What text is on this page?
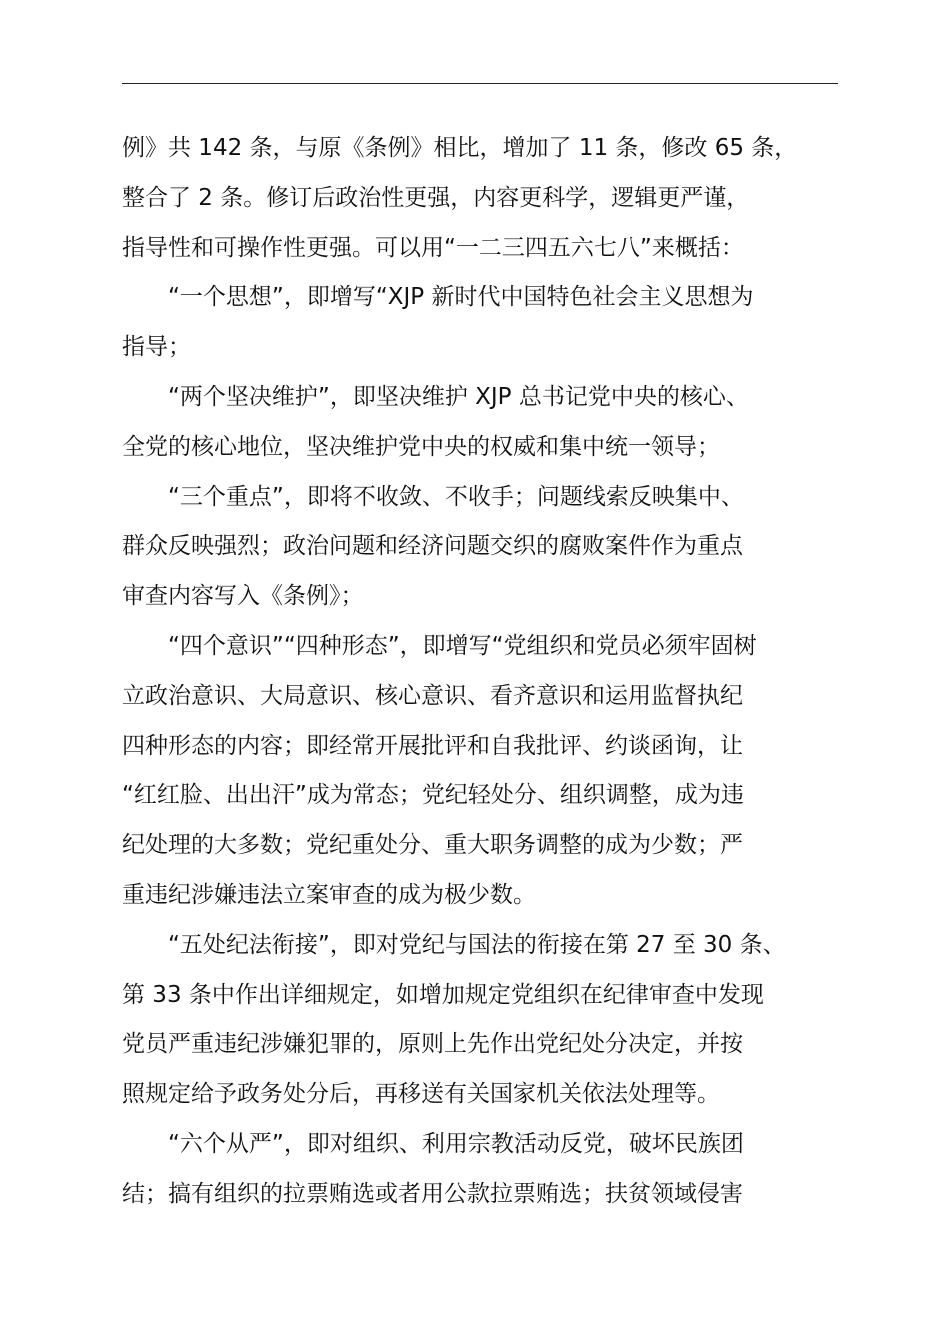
例》共 142 条，与原《条例》相比，增加了 11 条，修改 65 条，
整合了 2 条。修订后政治性更强，内容更科学，逻辑更严谨，
指导性和可操作性更强。可以用“一二三四五六七八”来概括：
“一个思想”，即增写“XJP 新时代中国特色社会主义思想为
指导；
“两个坚决维护”，即坚决维护 XJP 总书记党中央的核心、
全党的核心地位，坚决维护党中央的权威和集中统一领导；
“三个重点”，即将不收敛、不收手；问题线索反映集中、
群众反映强烈；政治问题和经济问题交织的腐败案件作为重点
审查内容写入《条例》；
“四个意识”“四种形态”，即增写“党组织和党员必须牢固树
立政治意识、大局意识、核心意识、看齐意识和运用监督执纪
四种形态的内容；即经常开展批评和自我批评、约谈函询，让
“红红脸、出出汗”成为常态；党纪轻处分、组织调整，成为违
纪处理的大多数；党纪重处分、重大职务调整的成为少数；严
重违纪涉嫌违法立案审查的成为极少数。
“五处纪法衔接”，即对党纪与国法的衔接在第 27 至 30 条、
第 33 条中作出详细规定，如增加规定党组织在纪律审查中发现
党员严重违纪涉嫌犯罪的，原则上先作出党纪处分决定，并按
照规定给予政务处分后，再移送有关国家机关依法处理等。
“六个从严”，即对组织、利用宗教活动反党，破坏民族团
结；搞有组织的拉票贿选或者用公款拉票贿选；扶贫领域侵害
